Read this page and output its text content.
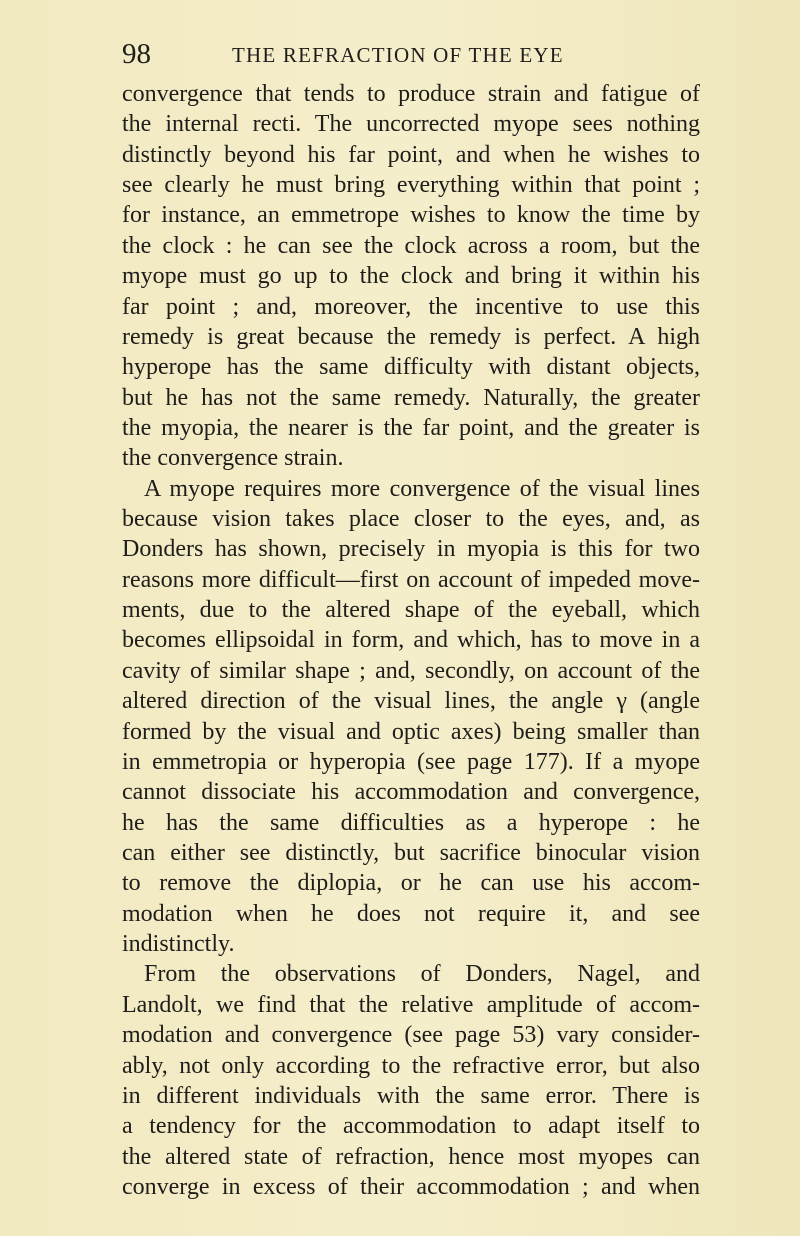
98	THE REFRACTION OF THE EYE
convergence that tends to produce strain and fatigue of
the internal recti. The uncorrected myope sees nothing
distinctly beyond his far point, and when he wishes to
see clearly he must bring everything within that point ;
for instance, an emmetrope wishes to know the time by
the clock : he can see the clock across a room, but the
myope must go up to the clock and bring it within his
far point ; and, moreover, the incentive to use this
remedy is great because the remedy is perfect. A high
hyperope has the same difficulty with distant objects,
but he has not the same remedy. Naturally, the greater
the myopia, the nearer is the far point, and the greater is
the convergence strain.
A myope requires more convergence of the visual lines
because vision takes place closer to the eyes, and, as
Donders has shown, precisely in myopia is this for two
reasons more difficult—first on account of impeded move-
ments, due to the altered shape of the eyeball, which
becomes ellipsoidal in form, and which, has to move in a
cavity of similar shape ; and, secondly, on account of the
altered direction of the visual lines, the angle γ (angle
formed by the visual and optic axes) being smaller than
in emmetropia or hyperopia (see page 177). If a myope
cannot dissociate his accommodation and convergence,
he has the same difficulties as a hyperope : he
can either see distinctly, but sacrifice binocular vision
to remove the diplopia, or he can use his accom-
modation when he does not require it, and see
indistinctly.
From the observations of Donders, Nagel, and
Landolt, we find that the relative amplitude of accom-
modation and convergence (see page 53) vary consider-
ably, not only according to the refractive error, but also
in different individuals with the same error. There is
a tendency for the accommodation to adapt itself to
the altered state of refraction, hence most myopes can
converge in excess of their accommodation ; and when
